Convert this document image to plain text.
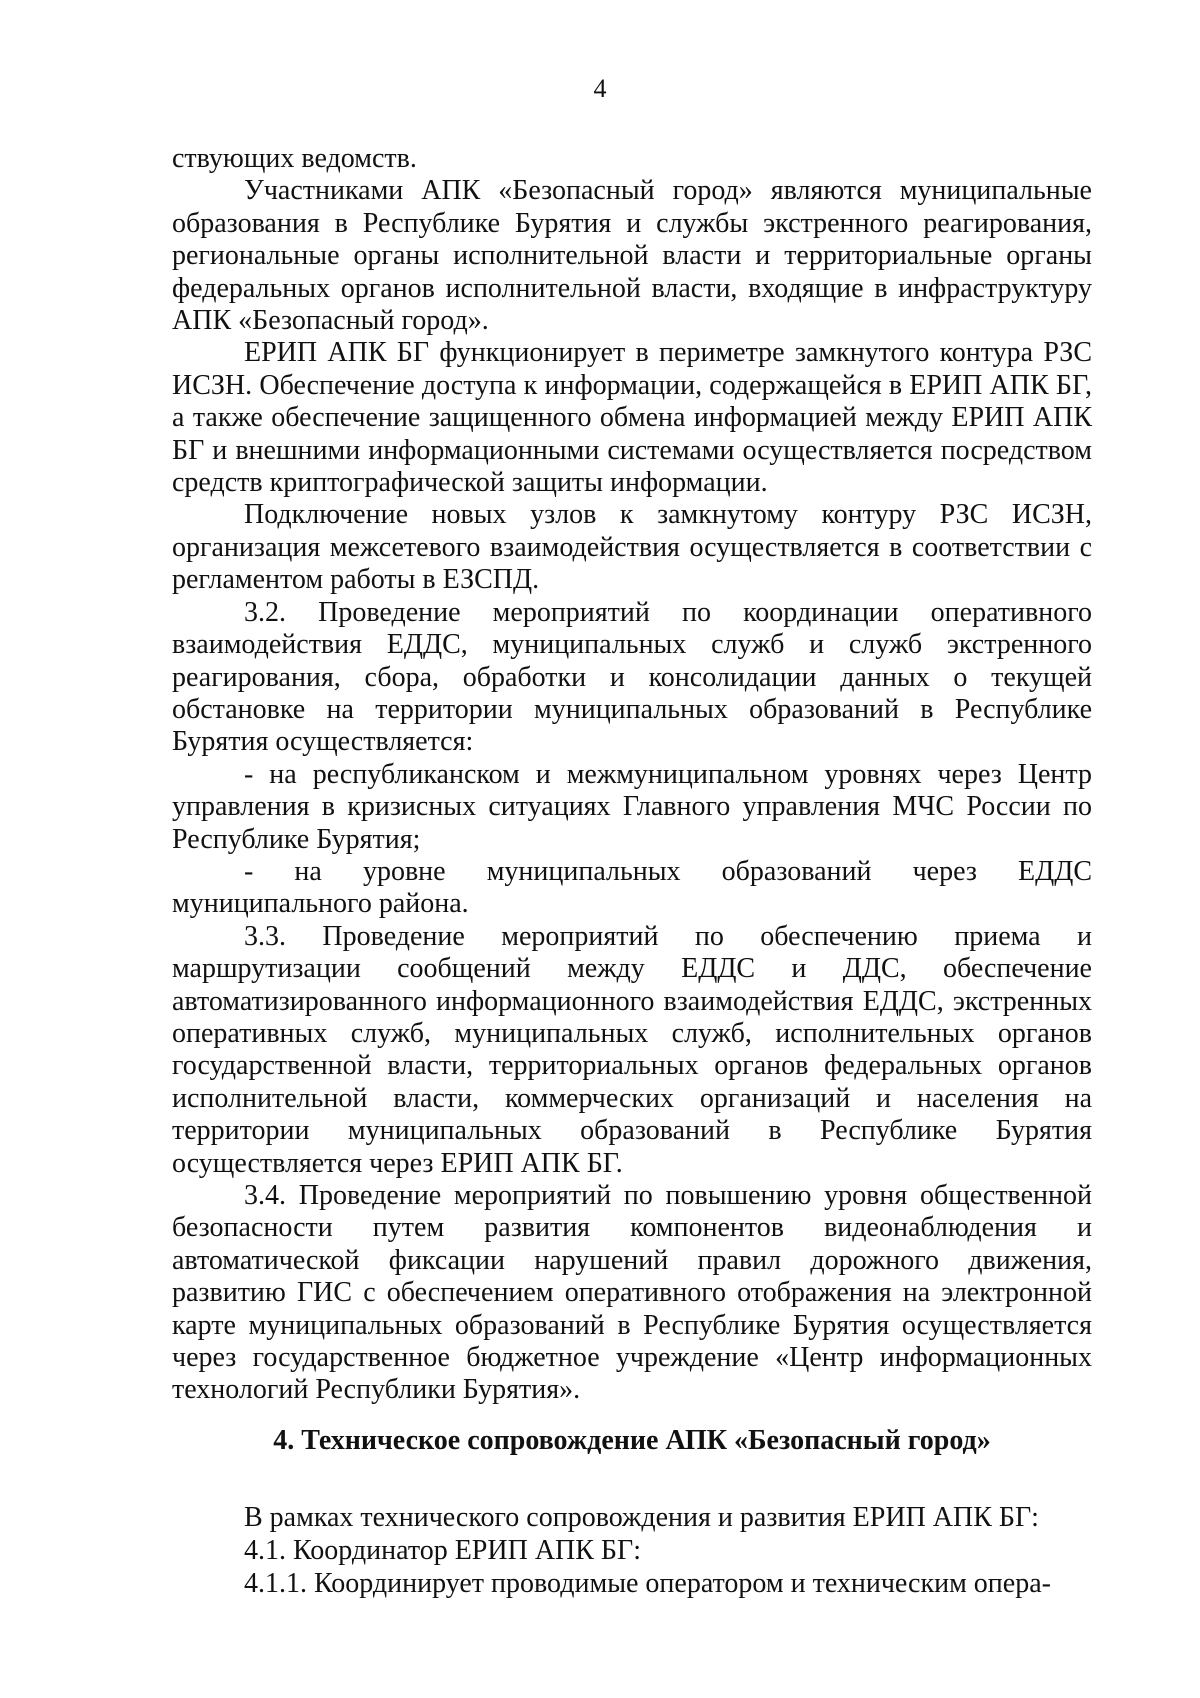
4

ствующих ведомств.

Участниками АПК «Безопасный город» являются муниципальные образования в Республике Бурятия и службы экстренного реагирования, региональные органы исполнительной власти и территориальные органы федеральных органов исполнительной власти, входящие в инфраструктуру АПК «Безопасный город».

ЕРИП АПК БГ функционирует в периметре замкнутого контура РЗС ИСЗН. Обеспечение доступа к информации, содержащейся в ЕРИП АПК БГ, а также обеспечение защищенного обмена информацией между ЕРИП АПК БГ и внешними информационными системами осуществляется посредством средств криптографической защиты информации.

Подключение новых узлов к замкнутому контуру РЗС ИСЗН, организация межсетевого взаимодействия осуществляется в соответствии с регламентом работы в ЕЗСПД.

3.2. Проведение мероприятий по координации оперативного взаимодействия ЕДДС, муниципальных служб и служб экстренного реагирования, сбора, обработки и консолидации данных о текущей обстановке на территории муниципальных образований в Республике Бурятия осуществляется:

- на республиканском и межмуниципальном уровнях через Центр управления в кризисных ситуациях Главного управления МЧС России по Республике Бурятия;

- на уровне муниципальных образований через ЕДДС муниципального района.

3.3. Проведение мероприятий по обеспечению приема и маршрутизации сообщений между ЕДДС и ДДС, обеспечение автоматизированного информационного взаимодействия ЕДДС, экстренных оперативных служб, муниципальных служб, исполнительных органов государственной власти, территориальных органов федеральных органов исполнительной власти, коммерческих организаций и населения на территории муниципальных образований в Республике Бурятия осуществляется через ЕРИП АПК БГ.

3.4. Проведение мероприятий по повышению уровня общественной безопасности путем развития компонентов видеонаблюдения и автоматической фиксации нарушений правил дорожного движения, развитию ГИС с обеспечением оперативного отображения на электронной карте муниципальных образований в Республике Бурятия осуществляется через государственное бюджетное учреждение «Центр информационных технологий Республики Бурятия».

4. Техническое сопровождение АПК «Безопасный город»

В рамках технического сопровождения и развития ЕРИП АПК БГ:

4.1. Координатор ЕРИП АПК БГ:

4.1.1. Координирует проводимые оператором и техническим опера-
